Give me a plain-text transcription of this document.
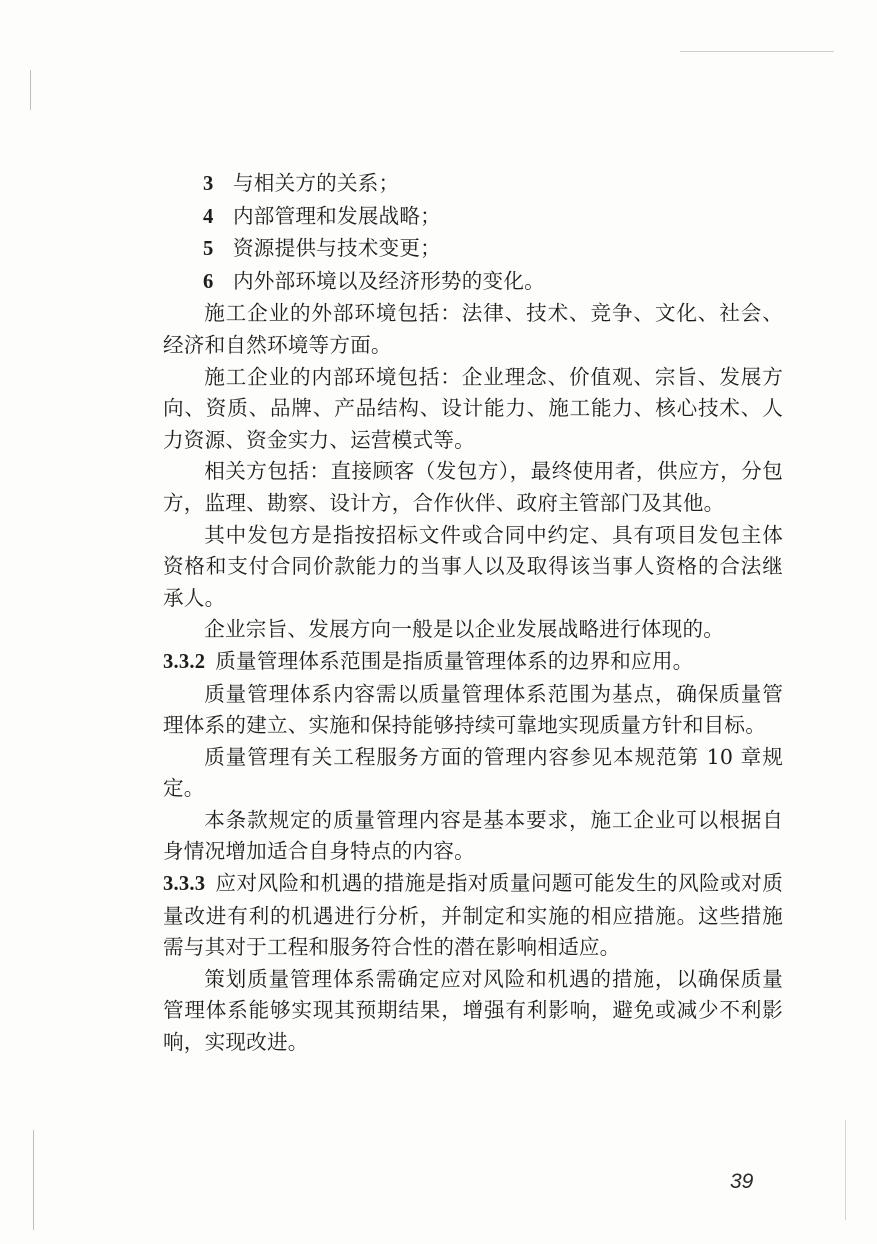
3 与相关方的关系；

4 内部管理和发展战略；

5 资源提供与技术变更；

6 内外部环境以及经济形势的变化。

施工企业的外部环境包括：法律、技术、竞争、文化、社会、经济和自然环境等方面。

施工企业的内部环境包括：企业理念、价值观、宗旨、发展方向、资质、品牌、产品结构、设计能力、施工能力、核心技术、人力资源、资金实力、运营模式等。

相关方包括：直接顾客（发包方），最终使用者，供应方，分包方，监理、勘察、设计方，合作伙伴、政府主管部门及其他。

其中发包方是指按招标文件或合同中约定、具有项目发包主体资格和支付合同价款能力的当事人以及取得该当事人资格的合法继承人。

企业宗旨、发展方向一般是以企业发展战略进行体现的。

3.3.2 质量管理体系范围是指质量管理体系的边界和应用。

质量管理体系内容需以质量管理体系范围为基点，确保质量管理体系的建立、实施和保持能够持续可靠地实现质量方针和目标。

质量管理有关工程服务方面的管理内容参见本规范第 10 章规定。

本条款规定的质量管理内容是基本要求，施工企业可以根据自身情况增加适合自身特点的内容。

3.3.3 应对风险和机遇的措施是指对质量问题可能发生的风险或对质量改进有利的机遇进行分析，并制定和实施的相应措施。这些措施需与其对于工程和服务符合性的潜在影响相适应。

策划质量管理体系需确定应对风险和机遇的措施，以确保质量管理体系能够实现其预期结果，增强有利影响，避免或减少不利影响，实现改进。

39
